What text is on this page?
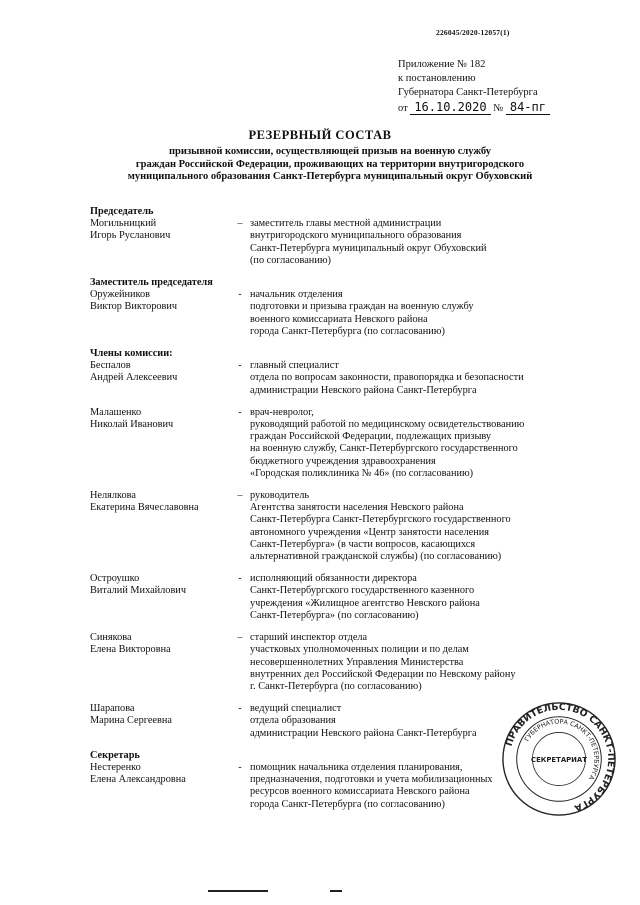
226045/2020-12057(1)
Приложение № 182
к постановлению
Губернатора Санкт-Петербурга
от 16.10.2020 № 84-пг
РЕЗЕРВНЫЙ СОСТАВ
призывной комиссии, осуществляющей призыв на военную службу
граждан Российской Федерации, проживающих на территории внутригородского
муниципального образования Санкт-Петербурга муниципальный округ Обуховский
Председатель
Могильницкий
Игорь Русланович
– заместитель главы местной администрации
внутригородского муниципального образования
Санкт-Петербурга муниципальный округ Обуховский
(по согласованию)
Заместитель председателя
Оружейников
Виктор Викторович
- начальник отделения
подготовки и призыва граждан на военную службу
военного комиссариата Невского района
города Санкт-Петербурга (по согласованию)
Члены комиссии:
Беспалов
Андрей Алексеевич
- главный специалист
отдела по вопросам законности, правопорядка и безопасности
администрации Невского района Санкт-Петербурга
Малашенко
Николай Иванович
- врач-невролог,
руководящий работой по медицинскому освидетельствованию
граждан Российской Федерации, подлежащих призыву
на военную службу, Санкт-Петербургского государственного
бюджетного учреждения здравоохранения
«Городская поликлиника № 46» (по согласованию)
Нелялкова
Екатерина Вячеславовна
– руководитель
Агентства занятости населения Невского района
Санкт-Петербурга Санкт-Петербургского государственного
автономного учреждения «Центр занятости населения
Санкт-Петербурга» (в части вопросов, касающихся
альтернативной гражданской службы) (по согласованию)
Остроушко
Виталий Михайлович
- исполняющий обязанности директора
Санкт-Петербургского государственного казенного
учреждения «Жилищное агентство Невского района
Санкт-Петербурга» (по согласованию)
Синякова
Елена Викторовна
– старший инспектор отдела
участковых уполномоченных полиции и по делам
несовершеннолетних Управления Министерства
внутренних дел Российской Федерации по Невскому району
г. Санкт-Петербурга (по согласованию)
Шарапова
Марина Сергеевна
- ведущий специалист
отдела образования
администрации Невского района Санкт-Петербурга
Секретарь
Нестеренко
Елена Александровна
- помощник начальника отделения планирования,
предназначения, подготовки и учета мобилизационных
ресурсов военного комиссариата Невского района
города Санкт-Петербурга (по согласованию)
ПРАВИТЕЛЬСТВО САНКТ-ПЕТЕРБУРГА
ГУБЕРНАТОРА САНКТ-ПЕТЕРБУРГА
СЕКРЕТАРИАТ
